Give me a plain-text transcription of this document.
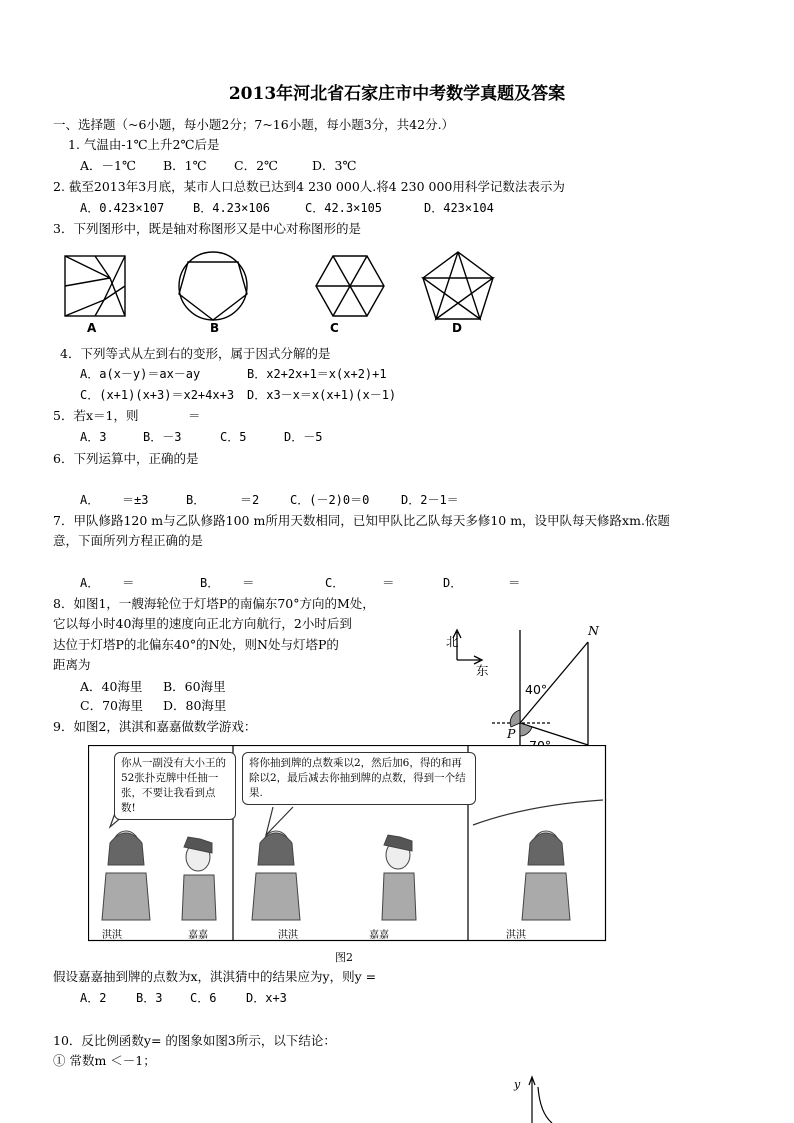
2013年河北省石家庄市中考数学真题及答案
一、选择题（~6小题，每小题2分；7~16小题，每小题3分，共42分.）
1. 气温由-1℃上升2℃后是
A．－1℃ B．1℃ C．2℃	D．3℃
2. 截至2013年3月底，某市人口总数已达到4 230 000人.将4 230 000用科学记数法表示为
A．0.423×107 B．4.23×106	C．42.3×105	D．423×104
3．下列图形中，既是轴对称图形又是中心对称图形的是
A	B	C	D
4．下列等式从左到右的变形，属于因式分解的是
A．a(x－y)＝ax－ay	B．x2+2x+1＝x(x+2)+1
C．(x+1)(x+3)＝x2+4x+3 D．x3－x＝x(x+1)(x－1)
5．若x＝1，则	＝
A．3	B．－3	C．5	D．－5
6．下列运算中，正确的是
A． ＝±3	B．	＝2	C．(－2)0＝0	D．2－1＝
7．甲队修路120 m与乙队修路100 m所用天数相同，已知甲队比乙队每天多修10 m，设甲队每天修路xm.依题
意，下面所列方程正确的是
A． ＝	B． ＝	C．	＝	D．	＝
8．如图1，一艘海轮位于灯塔P的南偏东70°方向的M处，
它以每小时40海里的速度向正北方向航行，2小时后到
达位于灯塔P的北偏东40°的N处，则N处与灯塔P的
距离为
A．40海里 B．60海里
C．70海里 D．80海里
北
东
N
40°
P
9．如图2，淇淇和嘉嘉做数学游戏：
你从一副没有大小王的52张扑克牌中任抽一张，不要让我看到点数!
将你抽到牌的点数乘以2，然后加6，得的和再除以2，最后减去你抽到牌的点数，得到一个结果.
淇淇	嘉嘉	淇淇	嘉嘉	淇淇
图2
假设嘉嘉抽到牌的点数为x，淇淇猜中的结果应为y，则y =
A．2 B．3 C．6 D．x+3
10．反比例函数y= 的图象如图3所示，以下结论：
① 常数m ＜－1；
y
